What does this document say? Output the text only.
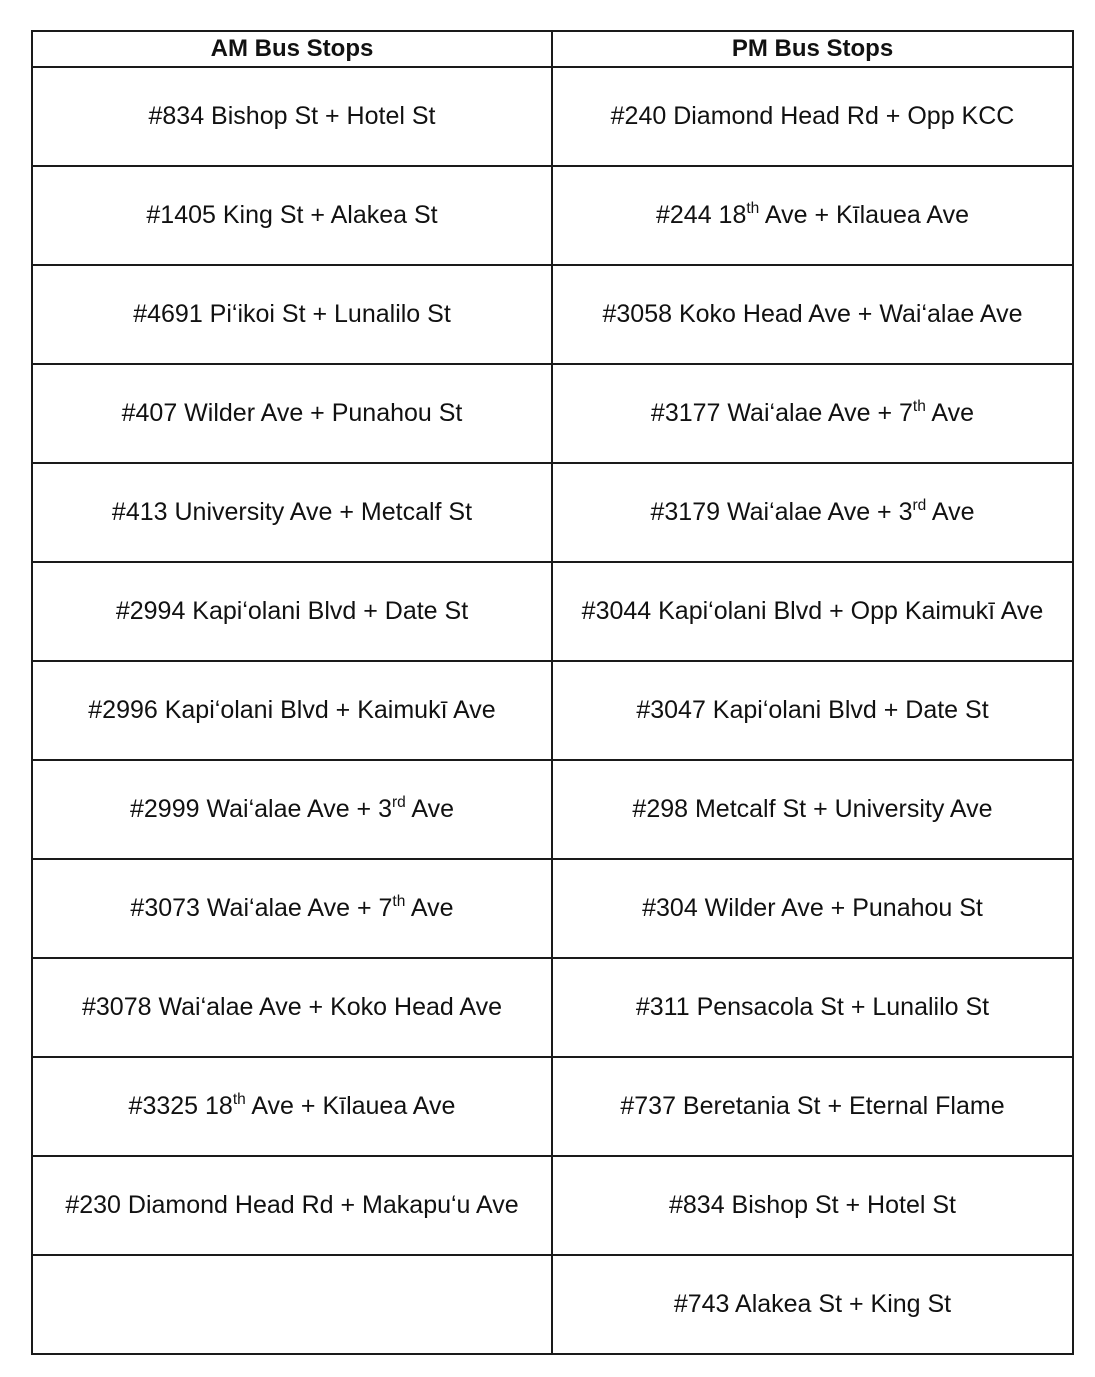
AM Bus Stops	PM Bus Stops
#834 Bishop St + Hotel St	#240 Diamond Head Rd + Opp KCC
#1405 King St + Alakea St	#244 18th Ave + Kīlauea Ave
#4691 Pi‘ikoi St + Lunalilo St	#3058 Koko Head Ave + Wai‘alae Ave
#407 Wilder Ave + Punahou St	#3177 Wai‘alae Ave + 7th Ave
#413 University Ave + Metcalf St	#3179 Wai‘alae Ave + 3rd Ave
#2994 Kapi‘olani Blvd + Date St	#3044 Kapi‘olani Blvd + Opp Kaimukī Ave
#2996 Kapi‘olani Blvd + Kaimukī Ave	#3047 Kapi‘olani Blvd + Date St
#2999 Wai‘alae Ave + 3rd Ave	#298 Metcalf St + University Ave
#3073 Wai‘alae Ave + 7th Ave	#304 Wilder Ave + Punahou St
#3078 Wai‘alae Ave + Koko Head Ave	#311 Pensacola St + Lunalilo St
#3325 18th Ave + Kīlauea Ave	#737 Beretania St + Eternal Flame
#230 Diamond Head Rd + Makapu‘u Ave	#834 Bishop St + Hotel St
	#743 Alakea St + King St
